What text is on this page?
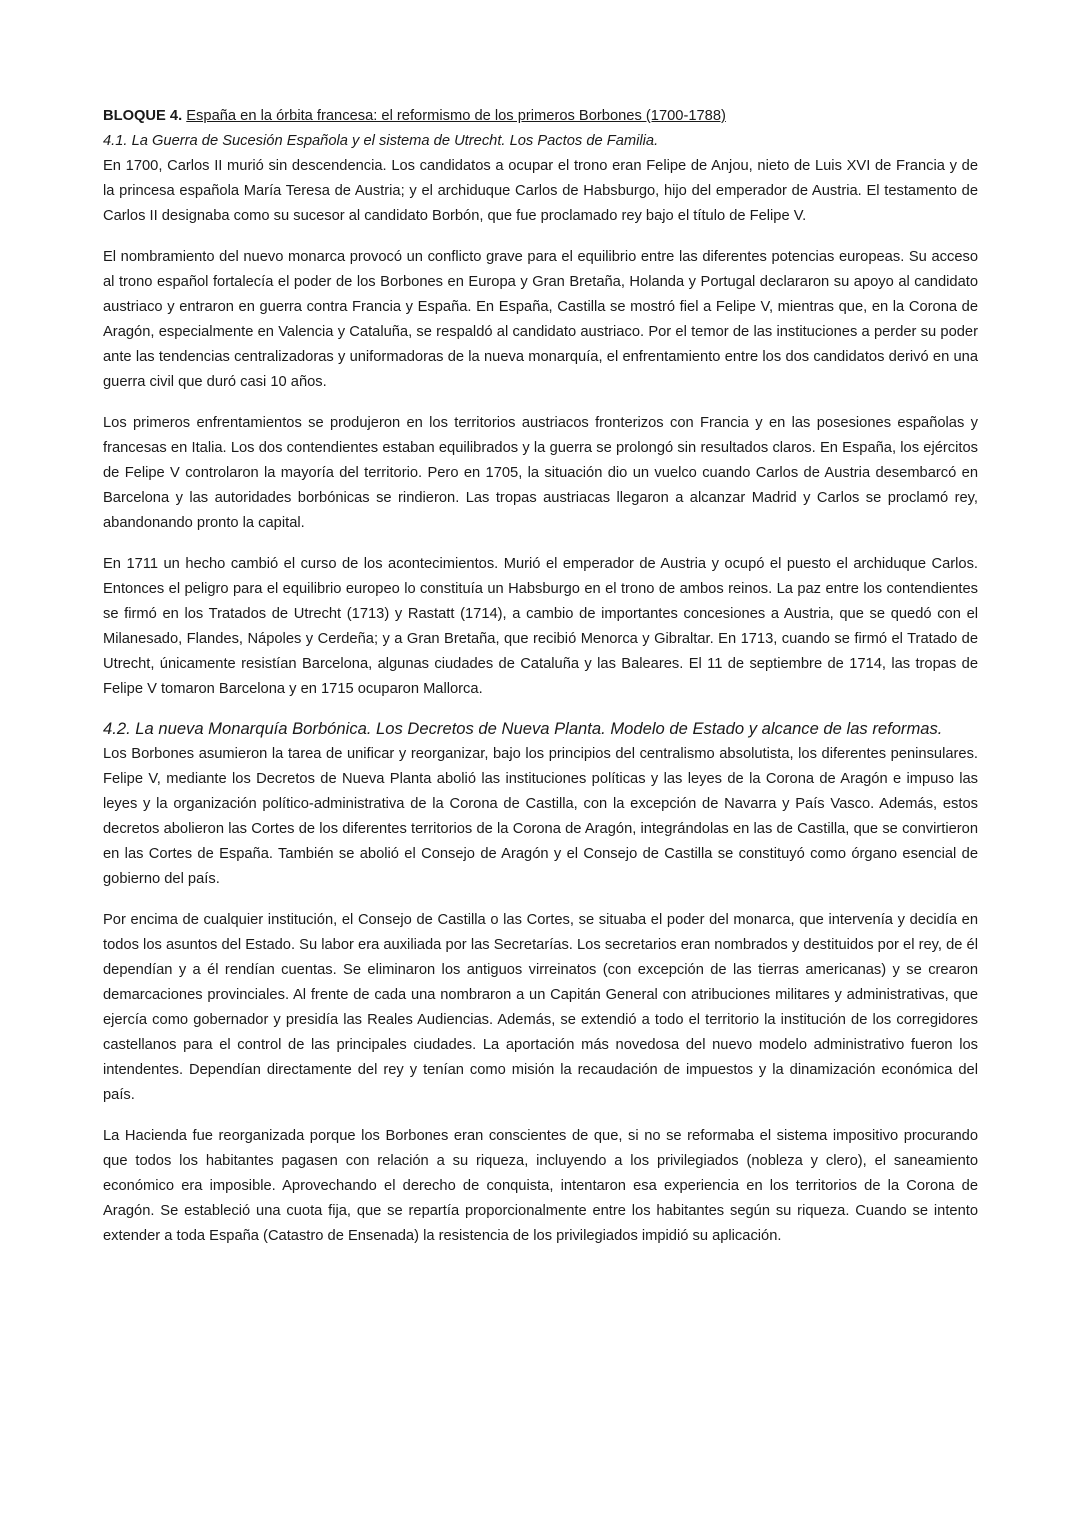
BLOQUE 4. España en la órbita francesa: el reformismo de los primeros Borbones (1700-1788)
4.1. La Guerra de Sucesión Española y el sistema de Utrecht. Los Pactos de Familia.

En 1700, Carlos II murió sin descendencia. Los candidatos a ocupar el trono eran Felipe de Anjou, nieto de Luis XVI de Francia y de la princesa española María Teresa de Austria; y el archiduque Carlos de Habsburgo, hijo del emperador de Austria. El testamento de Carlos II designaba como su sucesor al candidato Borbón, que fue proclamado rey bajo el título de Felipe V.

El nombramiento del nuevo monarca provocó un conflicto grave para el equilibrio entre las diferentes potencias europeas. Su acceso al trono español fortalecía el poder de los Borbones en Europa y Gran Bretaña, Holanda y Portugal declararon su apoyo al candidato austriaco y entraron en guerra contra Francia y España. En España, Castilla se mostró fiel a Felipe V, mientras que, en la Corona de Aragón, especialmente en Valencia y Cataluña, se respaldó al candidato austriaco. Por el temor de las instituciones a perder su poder ante las tendencias centralizadoras y uniformadoras de la nueva monarquía, el enfrentamiento entre los dos candidatos derivó en una guerra civil que duró casi 10 años.

Los primeros enfrentamientos se produjeron en los territorios austriacos fronterizos con Francia y en las posesiones españolas y francesas en Italia. Los dos contendientes estaban equilibrados y la guerra se prolongó sin resultados claros. En España, los ejércitos de Felipe V controlaron la mayoría del territorio. Pero en 1705, la situación dio un vuelco cuando Carlos de Austria desembarcó en Barcelona y las autoridades borbónicas se rindieron. Las tropas austriacas llegaron a alcanzar Madrid y Carlos se proclamó rey, abandonando pronto la capital.

En 1711 un hecho cambió el curso de los acontecimientos. Murió el emperador de Austria y ocupó el puesto el archiduque Carlos. Entonces el peligro para el equilibrio europeo lo constituía un Habsburgo en el trono de ambos reinos. La paz entre los contendientes se firmó en los Tratados de Utrecht (1713) y Rastatt (1714), a cambio de importantes concesiones a Austria, que se quedó con el Milanesado, Flandes, Nápoles y Cerdeña; y a Gran Bretaña, que recibió Menorca y Gibraltar. En 1713, cuando se firmó el Tratado de Utrecht, únicamente resistían Barcelona, algunas ciudades de Cataluña y las Baleares. El 11 de septiembre de 1714, las tropas de Felipe V tomaron Barcelona y en 1715 ocuparon Mallorca.

4.2. La nueva Monarquía Borbónica. Los Decretos de Nueva Planta. Modelo de Estado y alcance de las reformas.

Los Borbones asumieron la tarea de unificar y reorganizar, bajo los principios del centralismo absolutista, los diferentes peninsulares. Felipe V, mediante los Decretos de Nueva Planta abolió las instituciones políticas y las leyes de la Corona de Aragón e impuso las leyes y la organización político-administrativa de la Corona de Castilla, con la excepción de Navarra y País Vasco. Además, estos decretos abolieron las Cortes de los diferentes territorios de la Corona de Aragón, integrándolas en las de Castilla, que se convirtieron en las Cortes de España. También se abolió el Consejo de Aragón y el Consejo de Castilla se constituyó como órgano esencial de gobierno del país.

Por encima de cualquier institución, el Consejo de Castilla o las Cortes, se situaba el poder del monarca, que intervenía y decidía en todos los asuntos del Estado. Su labor era auxiliada por las Secretarías. Los secretarios eran nombrados y destituidos por el rey, de él dependían y a él rendían cuentas. Se eliminaron los antiguos virreinatos (con excepción de las tierras americanas) y se crearon demarcaciones provinciales. Al frente de cada una nombraron a un Capitán General con atribuciones militares y administrativas, que ejercía como gobernador y presidía las Reales Audiencias. Además, se extendió a todo el territorio la institución de los corregidores castellanos para el control de las principales ciudades. La aportación más novedosa del nuevo modelo administrativo fueron los intendentes. Dependían directamente del rey y tenían como misión la recaudación de impuestos y la dinamización económica del país.

La Hacienda fue reorganizada porque los Borbones eran conscientes de que, si no se reformaba el sistema impositivo procurando que todos los habitantes pagasen con relación a su riqueza, incluyendo a los privilegiados (nobleza y clero), el saneamiento económico era imposible. Aprovechando el derecho de conquista, intentaron esa experiencia en los territorios de la Corona de Aragón. Se estableció una cuota fija, que se repartía proporcionalmente entre los habitantes según su riqueza. Cuando se intento extender a toda España (Catastro de Ensenada) la resistencia de los privilegiados impidió su aplicación.
